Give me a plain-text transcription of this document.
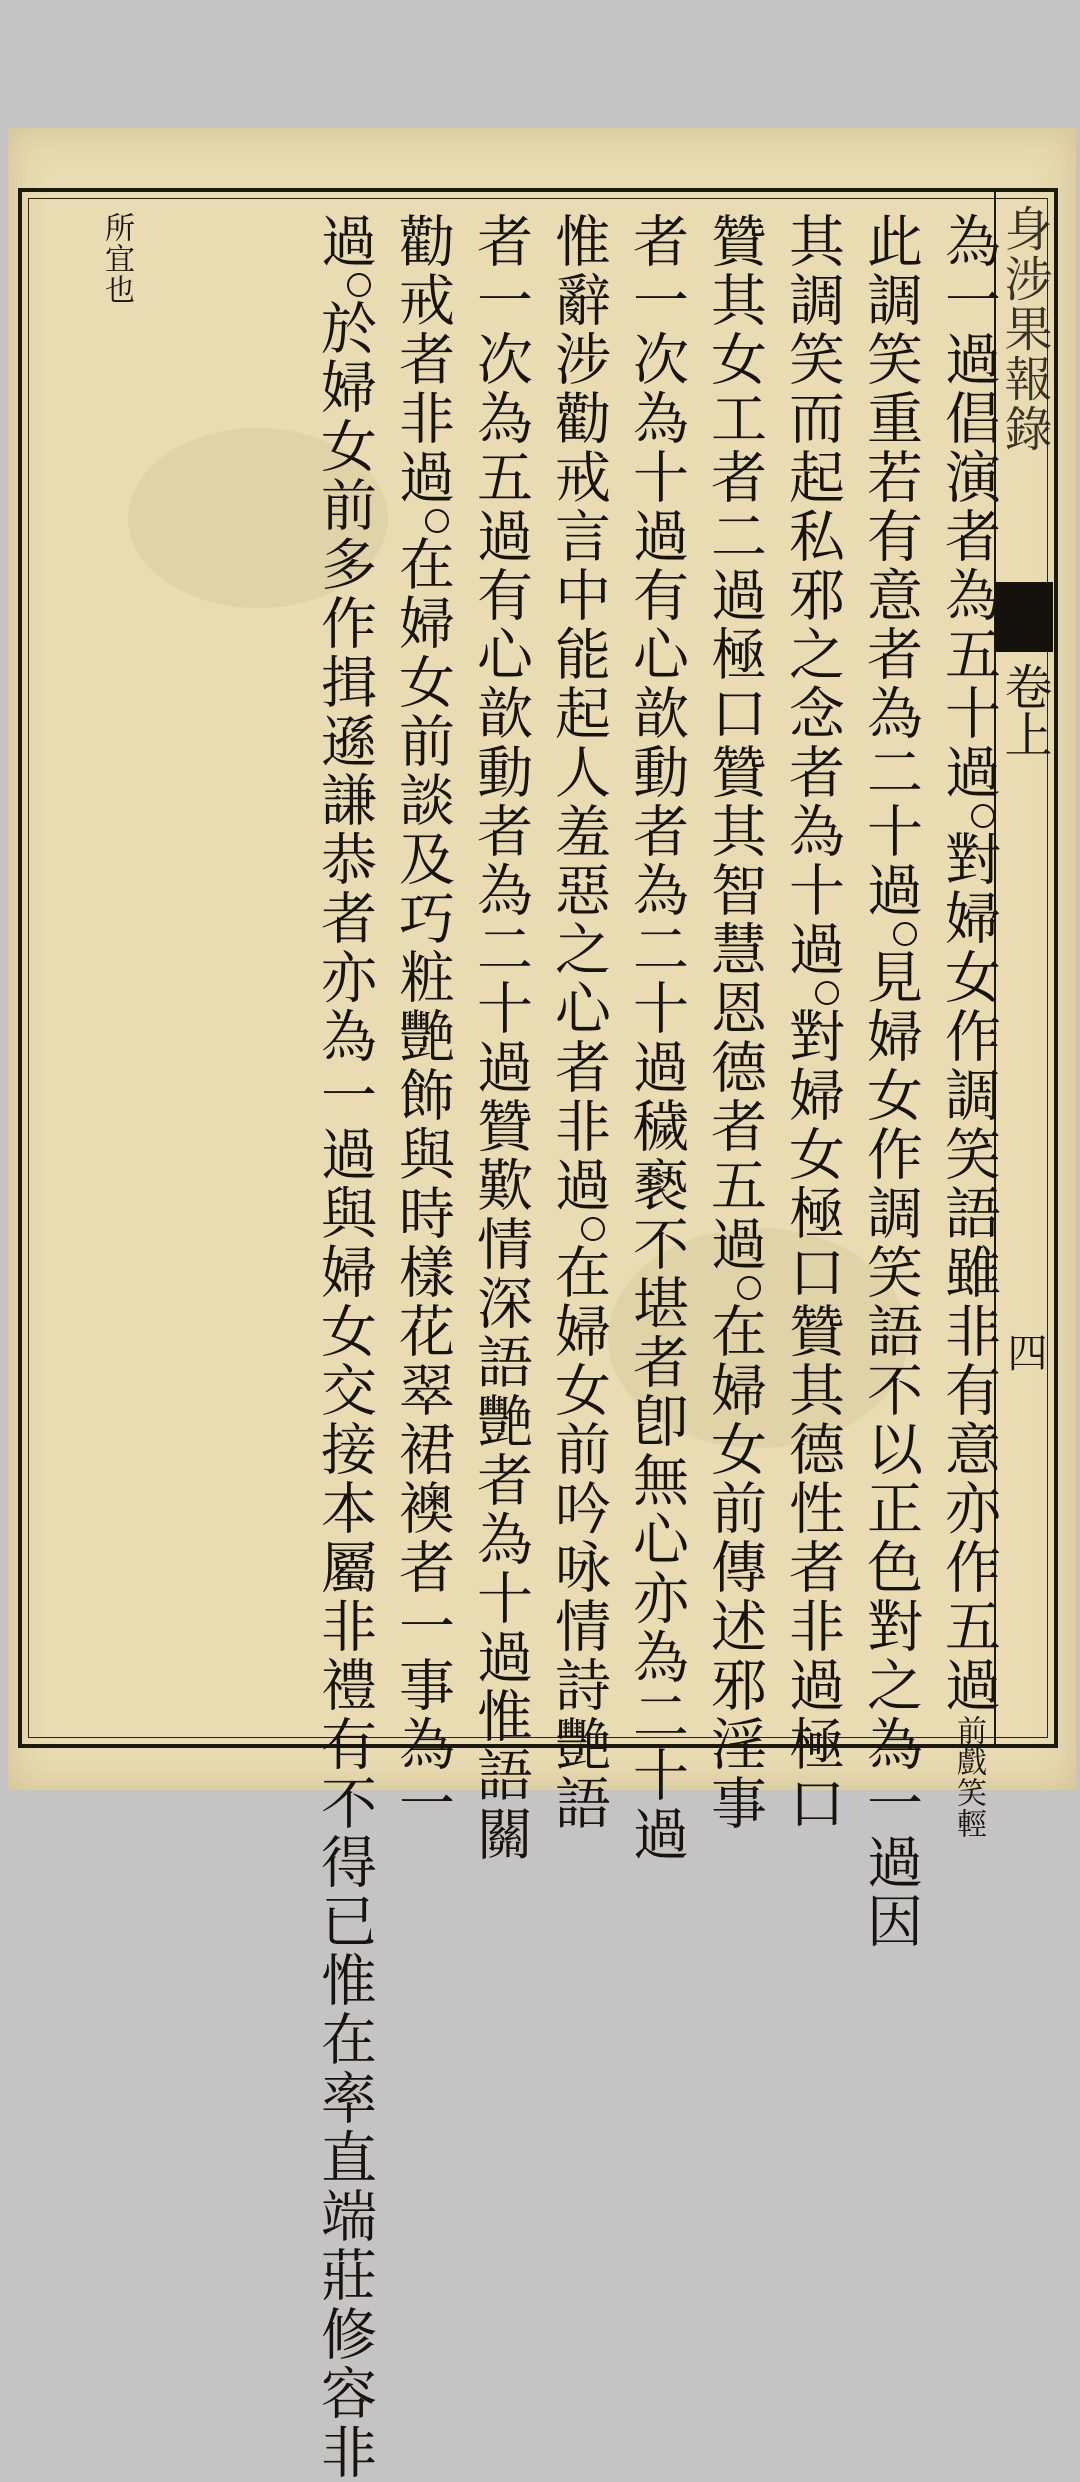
身涉果報錄
卷上
四
為一過倡演者為五十過對婦女作調笑語雖非有意亦作五過前戲笑輕
此調笑重若有意者為二十過見婦女作調笑語不以正色對之為一過因
其調笑而起私邪之念者為十過對婦女極口贊其德性者非過極口
贊其女工者二過極口贊其智慧恩德者五過在婦女前傳述邪淫事
者一次為十過有心歆動者為二十過穢褻不堪者卽無心亦為二十過
惟辭涉勸戒言中能起人羞惡之心者非過在婦女前吟咏情詩艷語
者一次為五過有心歆動者為二十過贊歎情深語艷者為十過惟語關
勸戒者非過在婦女前談及巧粧艷飾與時樣花翠裙襖者一事為一
過於婦女前多作揖遜謙恭者亦為一過與婦女交接本屬非禮有不得已惟在率直端莊修容非
所宜也
